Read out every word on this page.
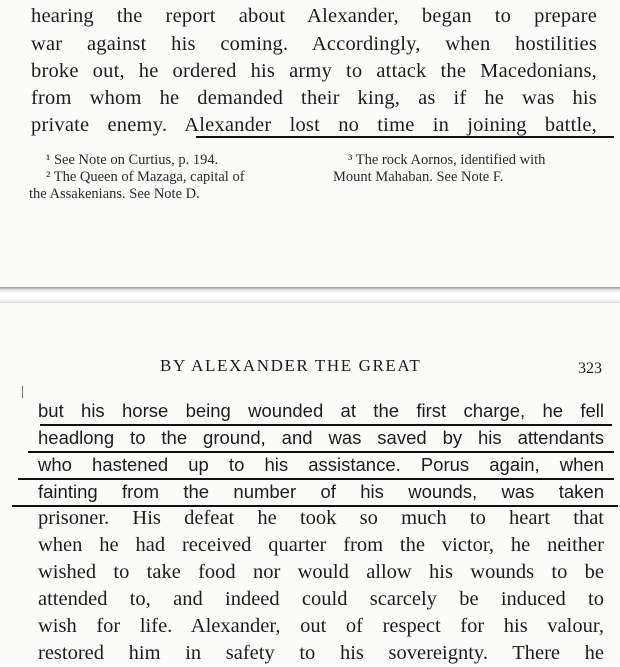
hearing the report about Alexander, began to prepare

war against his coming. Accordingly, when hostilities

broke out, he ordered his army to attack the Macedonians,

from whom he demanded their king, as if he was his

private enemy. Alexander lost no time in joining battle,

¹ See Note on Curtius, p. 194.
² The Queen of Mazaga, capital of
the Assakenians. See Note D.
³ The rock Aornos, identified with
Mount Mahaban. See Note F.
BY ALEXANDER THE GREAT	323

but his horse being wounded at the first charge, he fell

headlong to the ground, and was saved by his attendants

who hastened up to his assistance. Porus again, when

fainting from the number of his wounds, was taken

prisoner. His defeat he took so much to heart that

when he had received quarter from the victor, he neither

wished to take food nor would allow his wounds to be

attended to, and indeed could scarcely be induced to

wish for life. Alexander, out of respect for his valour,

restored him in safety to his sovereignty. There he
